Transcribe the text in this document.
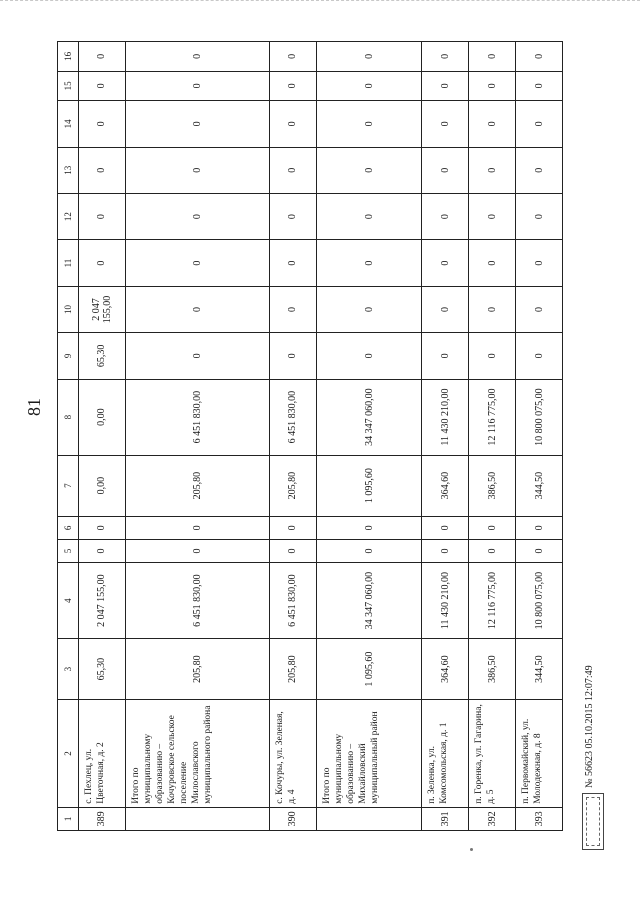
81
1	2	3	4	5	6	7	8	9	10	11	12	13	14	15	16
389	с. Пехлец, ул. Цветочная, д. 2	65,30	2 047 155,00	0	0	0,00	0,00	65,30	2 047 155,00	0	0	0	0	0	0
	Итого по муниципальному образованию – Кочуровское сельское поселение Милославского муниципального района	205,80	6 451 830,00	0	0	205,80	6 451 830,00	0	0	0	0	0	0	0	0
390	с. Кочуры, ул. Зеленая, д. 4	205,80	6 451 830,00	0	0	205,80	6 451 830,00	0	0	0	0	0	0	0	0
	Итого по муниципальному образованию – Михайловский муниципальный район	1 095,60	34 347 060,00	0	0	1 095,60	34 347 060,00	0	0	0	0	0	0	0	0
391	п. Зеленка, ул. Комсомольская, д. 1	364,60	11 430 210,00	0	0	364,60	11 430 210,00	0	0	0	0	0	0	0	0
392	п. Горенка, ул. Гагарина, д. 5	386,50	12 116 775,00	0	0	386,50	12 116 775,00	0	0	0	0	0	0	0	0
393	п. Первомайский, ул. Молодежная, д. 8	344,50	10 800 075,00	0	0	344,50	10 800 075,00	0	0	0	0	0	0	0	0
№ 56623 05.10.2015 12:07:49
